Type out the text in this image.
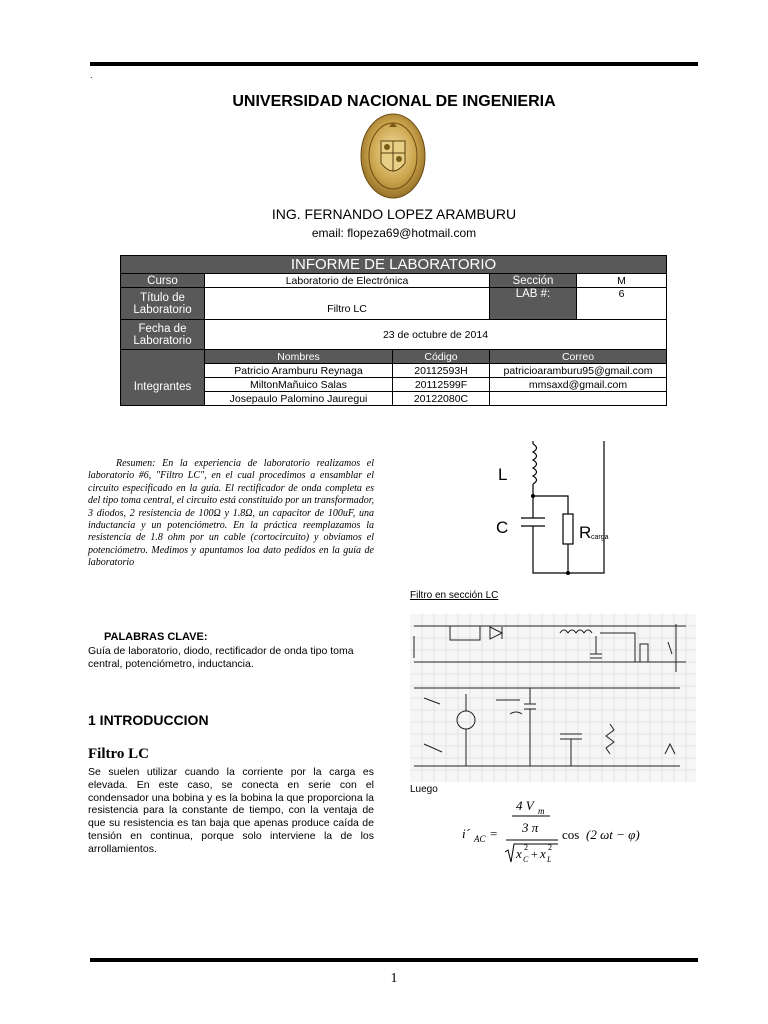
.
UNIVERSIDAD NACIONAL DE INGENIERIA
ING. FERNANDO LOPEZ ARAMBURU
email: flopeza69@hotmail.com
INFORME DE LABORATORIO				
Curso	Laboratorio de Electrónica		Sección	M
Título de Laboratorio	Filtro LC		LAB #:	6
Fecha de Laboratorio	23 de octubre de 2014			
Integrantes	Nombres	Código	Correo	
	Patricio Aramburu Reynaga	20112593H	patricioaramburu95@gmail.com	
	MiltonMañuico Salas	20112599F	mmsaxd@gmail.com	
	Josepaulo Palomino Jauregui	20122080C		
Resumen: En la experiencia de laboratorio realizamos el laboratorio #6, "Filtro LC", en el cual procedimos a ensamblar el circuito especificado en la guía. El rectificador de onda completa es del tipo toma central, el circuito está constituido por un transformador, 3 diodos, 2 resistencia de 100Ω y 1.8Ω, un capacitor de 100uF, una inductancia y un potenciómetro. En la práctica reemplazamos la resistencia de 1.8 ohm por un cable (cortocircuito) y obviamos el potenciómetro. Medimos y apuntamos loa dato pedidos en la guía de laboratorio
PALABRAS CLAVE:
Guía de laboratorio, diodo, rectificador de onda tipo toma central, potenciómetro, inductancia.
1 INTRODUCCION
Filtro LC
Se suelen utilizar cuando la corriente por la carga es elevada. En este caso, se conecta en serie con el condensador una bobina y es la bobina la que proporciona la resistencia para la constante de tiempo, con la ventaja de que su resistencia es tan baja que apenas produce caída de tensión en continua, porque solo interviene la de los arrollamientos.
L
C	R carga
Filtro en sección LC
Luego
i´ AC =
4 V m
3 π
x C
2 + x L
2
cos (2 ωt − φ)
1
